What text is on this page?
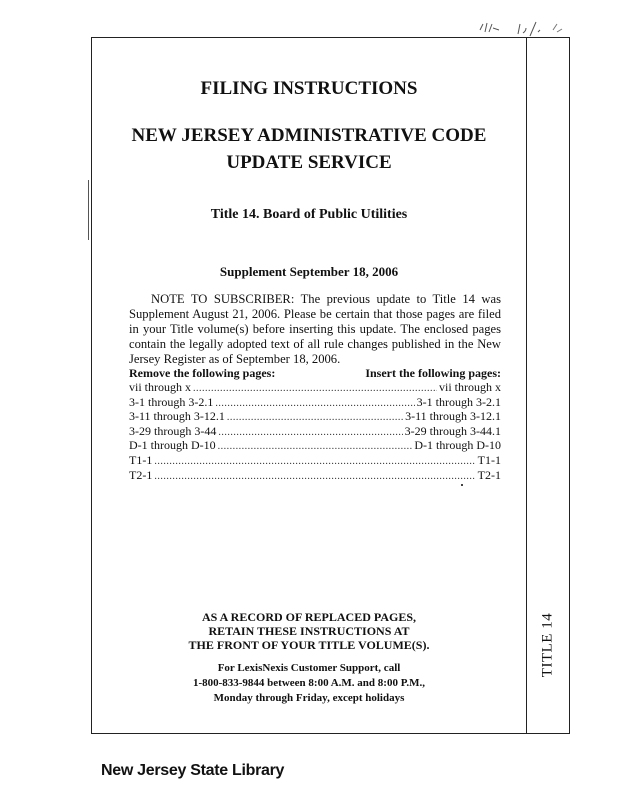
TITLE 14
FILING INSTRUCTIONS
NEW JERSEY ADMINISTRATIVE CODE
UPDATE SERVICE
Title 14. Board of Public Utilities
Supplement September 18, 2006

NOTE TO SUBSCRIBER: The previous update to Title 14 was Supplement August 21, 2006. Please be certain that those pages are filed in your Title volume(s) before inserting this update. The enclosed pages contain the legally adopted text of all rule changes published in the New Jersey Register as of September 18, 2006.

Remove the following pages:	Insert the following pages:
vii through x .....	vii through x
3-1 through 3-2.1 .....	3-1 through 3-2.1
3-11 through 3-12.1 .....	3-11 through 3-12.1
3-29 through 3-44 .....	3-29 through 3-44.1
D-1 through D-10 .....	D-1 through D-10
T1-1 .....	T1-1
T2-1 .....	T2-1
AS A RECORD OF REPLACED PAGES,
RETAIN THESE INSTRUCTIONS AT
THE FRONT OF YOUR TITLE VOLUME(S).
For LexisNexis Customer Support, call
1-800-833-9844 between 8:00 A.M. and 8:00 P.M.,
Monday through Friday, except holidays
New Jersey State Library
